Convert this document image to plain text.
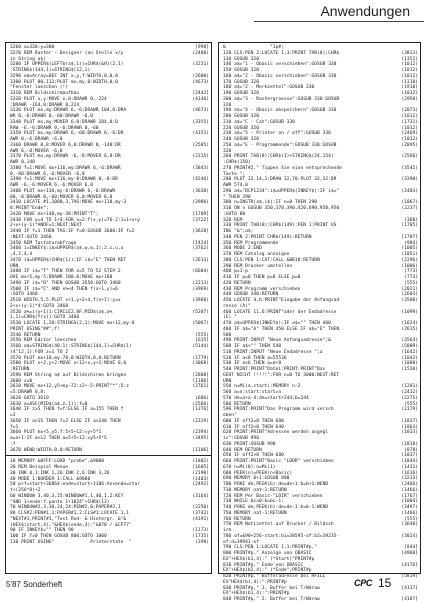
Anwendungen
3260 a=320:y=300	[998]
3270 REM Raster - Designer (an Stelle x/y	(2488)
in String a$)
3280 IF UPPER$(LEFT$(a$,1))=CHR$(&H)(2,1)	(3231)
:STRING$(144,1)=STRING$(12,1)
3290 a$=Array=DEF INT x,y,f:WIDTH,0,0,0	(2600)
3300 PLOT 80,112:PLOT mx,my,0:WIDTH,0,0	(4673)
"Fenster loeschen (!)
3310 REM Bildschirmaufbau	[2442]
3320 PLOT x,y:MOVE x,0:DRAWR 0,-224	(4146)
:DRAWR -164,0:DRAWR 0,224
3330 PLOT mx,my:DRAWR 6,-6:DRAWR 104,0:DRA	(4673)
WR 0,-6:DRAWR 0,-60:DRAWR -6,0
3340 PLOT mx,my:MOVER 6,0:DRAWR 104,0:0	(3355)
RAW -6,-6:DRAWR 0,-6:DRAWR 0,-60
3350 PLOT mx,my:DRAWR 6,-60:DRAWR 6,-6:DR	(4153)
AWR 0,-6:DRAWR -6,0
3360 DRAWR 0,8:MOVER 6,0:DRAWR 0,-148:DR	(2585)
AWR 6,-8:MOVER -6,0
3370 PLOT mx,my:DRAWR -6,-8:MOVER 6,8:DR	(2315)
AWR 0,140
3380 f=1:MOVE mx+116,my:DRAWR 6,-6:DRAWR	(3843)
0,-80:DRAWR 6,-6:MOVER -6,0
3390 f=1:MOVE mx+116,my-8:DRAWR 0,-8:DR	(4246)
AWR -6,-6:MOVER 6,-6:MOVER 6,0
3400 PLOT mx+136,my-8:DRAWR 6,-6:DRAWR	(3630)
80,-8:DRAWR 0,-60:MOVER 6,0:MOVER 6,0
3410 LOCATE #1,1000,3,TAG:MOVE mx+118,my-3	(2986)
8:PRINT"Ende";
3420 MOVE mx+148,my-38:PRINT"T";	[1709]
3430 FOR y=4 TO 1+4:FOR x=2:f(x,y)=76-2:1=1+x+y	[3722]
2+x+(y-1)*ANDF=1:NEXT:NEXT
3440 IF f=1 THEN TAG:IF f=0:GOSUB 3600:IF f=2	[3620]
:NEXT:GOTO 3460
3450 REM Tastaturabfrage	[1424]
3460 i=INKEY$:i$=UPPER$(a$,w,w,1);2,c,u,u	(3762)
,4,2,4,4
3470 i$=UPPER$(CHR$(1)):IF i$="E" THEN RET	(2613)
URN
3480 IF i$="T" THEN FOR z=5 TO 52 STEP 2	(6604)
OVE mx+5,my-5:DRAWR 100,0:MOVE mx+108
3490 IF i$="D" THEN GOSUB 3550:GOTO 3460	(2213)
3500 IF i$="C" AND x%<4 THEN f(x+1,y)=6	(3969)
:GOTO 3460
3510 WIDTH,5,5:PLOT x+1,y+2+4,f(x+1):y=x	(3960)
2+x+(y-1)*4:GOTO 3460
3520 a%=i(y+1)1:CIRCLE2,8F:MID$(a$,a%	(5287)
1,1)=CHR$(f(x)):GOTO 3460
3530 LOCATE 1,20:STRINGS(2,1):MOVE mx+12,my-8	(5067)
PRINT USING"##";f!
3540 RETURN	(555)
3550 REM Editor loeschen	[615]
3560 a$=STRING$(40,1):STRING$(144,1)=CHR$(1)	(5144)
(4"12,1):FOR z=1 TO 2
3570 PLOT mx+10,my-70,0:WIDTH,0,0:RETURN	(1779)
3580 PLOT x+2,y+2:MOVE x+12+x,y+2:MOVE 0,0	(3068)
:RETURN
3590 REM String a$ auf Bildschirme bringen	[2800]
3600 z=0	[1106]
3610 MOVE mx+12,y5+my-72:z2+-5:PRINT"*";5:z	(2761)
=5:DRAWR 0,8:
3620 GOTO 3610	(686)
3630 a=ASC(MID$(a$,z,1)):f=0	(2566)
3640 IF z>5 THEN f=f:ELSE IF a=155 THEN f	[1376]
=3
3650 IF a>15 THEN f=2 ELSE IF a>240 THEN	(2329)
f=1
3660 PLOT mx+5,y5,f:5+5+12:=y+5*1	(2394)
a=a+1:IF a<12 THEN a=5+5+12:=y5+5*5	(3495)
:f
3670 WEND:WIDTH,0,0:RETURN	[1106]
10 MEMORY &8FFF:LOAD "probe",&9000	(1802)
20 REM Beispiel Menue	[1605]
30 INK 0,1:INK 1,26:INK 2,6:INK 3,26	(2190)
40 MODE 1:BORDER 1:CALL &9000	(1403)
50 p+f=start+36864:ende=start+1106:Ansende=star	(2492)
t+(256*8)+2
60 WINDOW 3,40,3,25:WINDOW#1,1,40,1,2:KEY	(3164)
"AND 1+ende:f.panto 1+1024"+CHR$(13)
70 WINDOW#2,3,38,24,24:PEN#2,0:PAPER#2,1	(2250)
80 CLS#2:PEN#1,1:PAPER#1,2:CLS#1:LOCATE 1,1	(3742)
"NEXT#1,PRINT#1,"Test Rnd- & Hintergr. &"&	(4191)
(HEX$(start,4),"&HEX$(ende,4):"&878 / &CF77"
90 IF INKEY$="" THEN 90	(1173)
100 IF f=0 THEN GOSUB 800:GOTO 1000	(1735)
110 PRINT USING"             Printerstate  "	(398)
&                "1p#;
120 CLS:PEN 2:LOCATE 1,3:PRINT TAB(8);CHR$	(3813)
130 GOSUB 320	(1352)
140 a$="1 - Obasic verschieben":GOSUB 330	(1012)
150 GOSUB 320	(1012)
160 a$="2 - Obasic verschieben":GOSUB 330	(1012)
170 GOSUB 320	(1310)
180 a$="2 - Merkzettel":GOSUB 330	(1910)
190 GOSUB 320	(1012)
200 a$="3 - Rastergroesse":GOSUB 330:GOSUB	(2958)
320
190 a$="4 - Obasic abspeichern":GOSUB 330	(2073)
200 GOSUB 320	(1012)
210 a$="C - Cat":GOSUB 330	(1731)
220 GOSUB 320	(1012)
230 a$="5 - Printer on / off":GOSUB 330	(2469)
240 GOSUB 320	(1012)
250 a$="E - Programmende":GOSUB 330:GOSUB	(2895)
320
260 PRINT TAB(8);CHR$(1)+STRING$(24,154)	(2566)
:CHR$(150)
270 PRINT#2," Tippen Sie eine entsprechende	(3542)
Taste ";
280 PLOT 32,14,1:DRAW 32,70:PLOT 32,32:DR	(3390)
AWR 574,0
290 a$="DCP1234":i$=UPPER$(INKEY$):IF i$="	(2403)
" THEN 290
300 n=INSTR(a$,i$):IF n=0 THEN 290	(1067)
310 ON n GOSUB 350,370,390,420,690,950,950	(2237)
:GOTO 80
320 REM	(360)
330 PRINT TAB(8);CHR$(149):PEN 1:PRINT US	(1705)
ING "&";a$;
340 PEN 2:PRINT CHR$(149):RETURN	[1787]
350 REM Programmende	(984)
360 MODE 2:END	(1005)
370 REM Catalog anzeigen	(1051)
380 CLS:PEN 1:CAT:CALL &BB18:RETURN	(2296)
390 REM Drucker umstellen	(1006)
400 p=1-p	(773)
410 IF p=0 THEN p=8 ELSE p=0	(773)
420 RETURN	(555)
430 REM Programm verschieben	(2021)
440 GOSUB 340:RETURN	(2603)
450 LOCATE 4,6:PRINT"Eingabe der Anfangsad	(3508)
resse (A)"
460 LOCATE 11,6:PRINT"oder der Endadresse	(1099)
(E) "
470 a$=UPPER$(INKEY$):IF a$="" THEN 460	(1624)
480 IF a$="A" THEN 450 ELSE IF a$="E" THEN	(2615)
500
490 PRINT:INPUT "Neue Anfangsadresse";&	(3564)
500 IF a$<"" THEN 540	(5009)
510 PRINT:INPUT "Neue Endadresse ";a	(1642)
520 IF a<8 THEN a=55536	(1042)
530 IF a<6 THEN a=a+8	(1080)
540 PRINT:PRINT"Datei:PRINT:PRINT"Das	(1520)
GEHT NICHT !!!!!":FOR n=0 TO 3000:NEXT:RET
URN
550 n=Mi(a,start):MEMORY n-2	(1281)
560 a=n:start:start=n	(2432)
570 de=a+a-4:de=start+244:b=244	(2275)
580 RETURN	(555)
590 PRINT:PRINT"Das Programm wird versch	(2179)
oben"
600 IF off2=0 THEN 680	(1837)
610 IF off2<0 THEN 640	(1863)
620 PRINT:PRINT"Adressen werden angegl	(1833)
ic":GOSUB 990
630 PRINT:GOSUB 990	(1810)
640 REM RETURN	(878)
650 IF off2>0 THEN 680	(1837)
660 PRINT:PRINT"Basic "LDDR" verschieben	(1844)
670 n=Mi(0):n=Mi(1)	(1431)
680 PEEK(n)=PEEK(n+Basic)	(1616)
690 MEMORY 0+1:GOSUB 890	(3233)
700 POKE de,PEEK(b):de=de+1:b=b+1:WEND	(2466)
710 MEMORY nat-1:RETURN	(1466)
720 REM Per Basic-"LDIR" verschieben	(1767)
730 WHILE bc>0:b=bc-1:	(1004)
740 POKE de,PEEK(b):de=de-1:b=b-1:WEND	(3497)
750 MEMORY nat-1:RETURN	(1466)
760 RETURN	(555)
770 REM Notizettel auf Drucker / Bildsch	(3648)
irm
780 of=&90+256-start:bi=38595-of:b2=39235-	(3024)
of:d=39941-of
790 CLS:PEN 1:LOCATE 1,1:PRINT#p,"	[844]
800 PRINT#p," Anzeige von OBASIC	[4960]
EX"+HEX$(b1,4):" (*Start)"PRINT#p
810 PRINT#p," Ende von OBASIC	[4176]
EX"+HEX$(b2,4):" (*Ende";PRINT#p
820 PRINT#p," Bufferadresse bei RFILL	[5819]
EX"HEX$(bi,4):":PRINT#p
830 PRINT#p," 1. Buffer bei T/Wdraw	[4137]
EX"+HEX$(b1,4):":PRINT#p
840 PRINT#p," 2. Buffer bei T/Wdraw	[4187]
5'87 Sonderheft	CPC 15
